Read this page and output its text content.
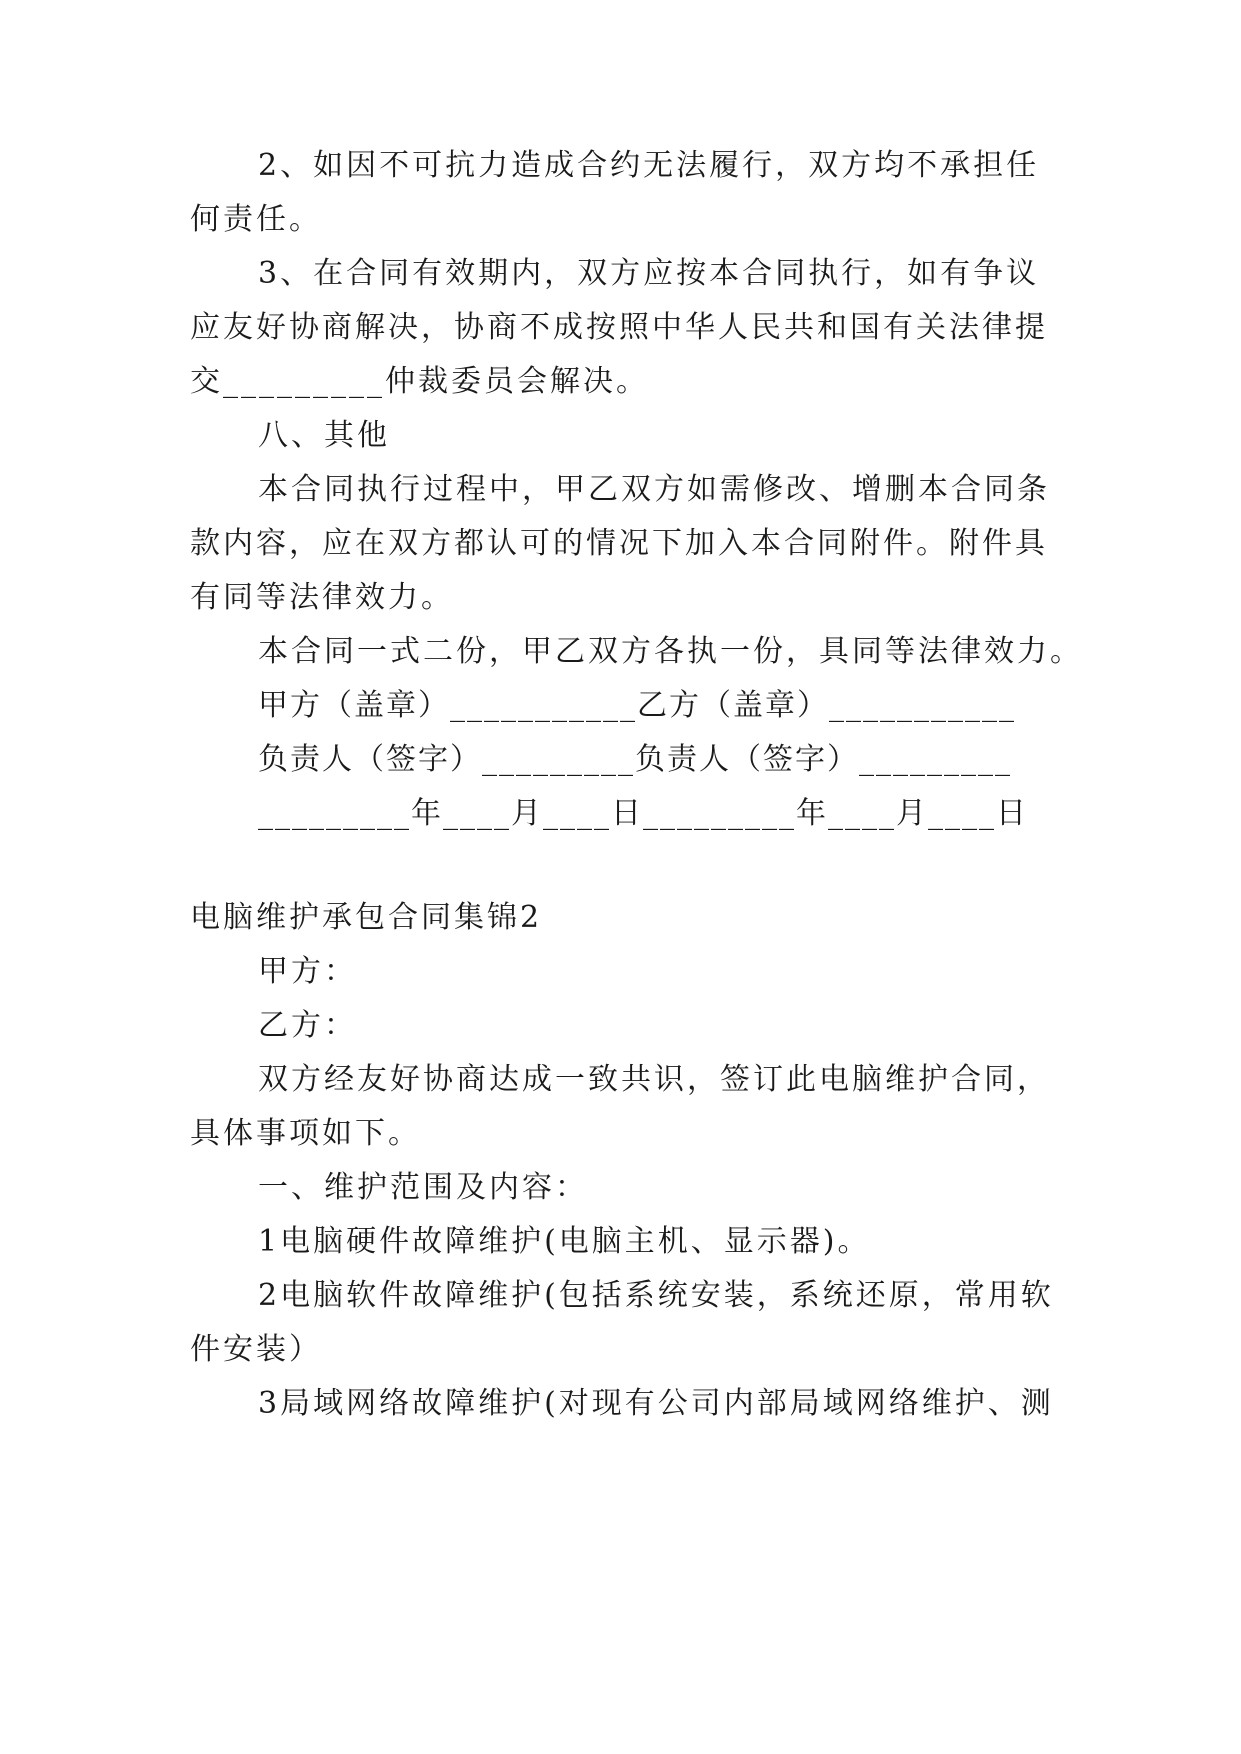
2、如因不可抗力造成合约无法履行，双方均不承担任
何责任。
3、在合同有效期内，双方应按本合同执行，如有争议
应友好协商解决，协商不成按照中华人民共和国有关法律提
交_________仲裁委员会解决。
八、其他
本合同执行过程中，甲乙双方如需修改、增删本合同条
款内容，应在双方都认可的情况下加入本合同附件。附件具
有同等法律效力。
本合同一式二份，甲乙双方各执一份，具同等法律效力。
甲方（盖章）___________乙方（盖章）___________
负责人（签字）_________负责人（签字）_________
_________年____月____日_________年____月____日
电脑维护承包合同集锦2
甲方：
乙方：
双方经友好协商达成一致共识，签订此电脑维护合同，
具体事项如下。
一、维护范围及内容：
1电脑硬件故障维护(电脑主机、显示器)。
2电脑软件故障维护(包括系统安装，系统还原，常用软
件安装）
3局域网络故障维护(对现有公司内部局域网络维护、测
